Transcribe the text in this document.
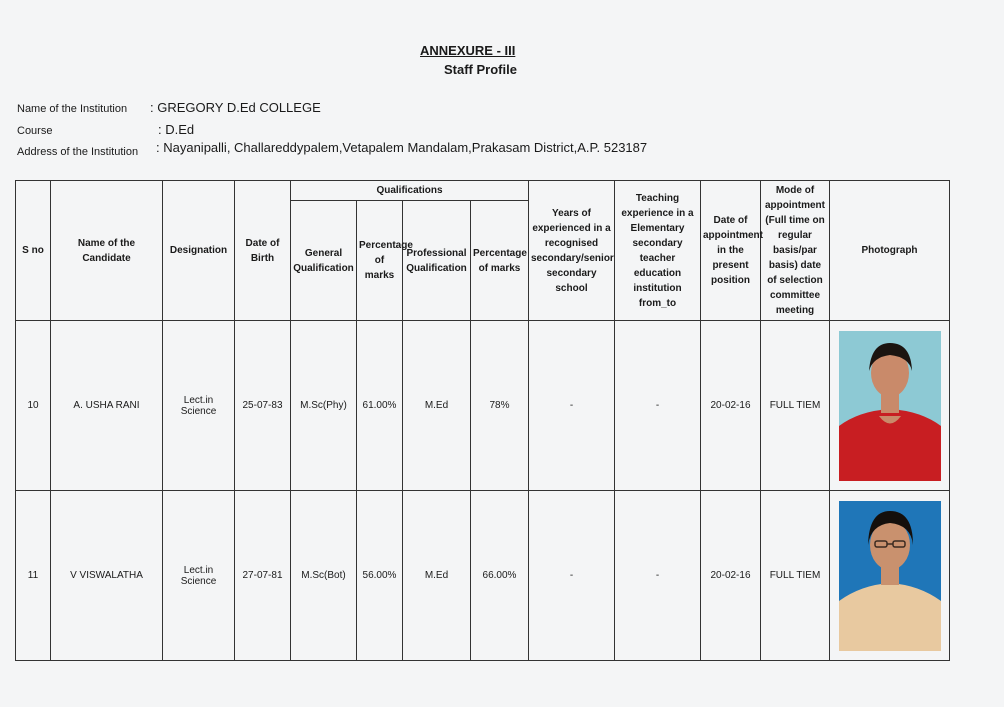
ANNEXURE - III
Staff Profile
Name of the Institution : GREGORY D.Ed COLLEGE
Course	: D.Ed
Address of the Institution : Nayanipalli, Challareddypalem,Vetapalem Mandalam,Prakasam District,A.P. 523187
S no	Name of the Candidate	Designation	Date of Birth	Qualifications				Years of experienced in a recognised secondary/senior secondary school	Teaching experience in a Elementary secondary teacher education institution from_to	Date of appointment in the present position	Mode of appointment (Full time on regular basis/par basis) date of selection committee meeting	Photograph
				General Qualification	Percentage of marks	Professional Qualification	Percentage of marks					
10	A. USHA RANI	Lect.in Science	25-07-83	M.Sc(Phy)	61.00%	M.Ed	78%	-	-	20-02-16	FULL TIEM	

11	V VISWALATHA	Lect.in Science	27-07-81	M.Sc(Bot)	56.00%	M.Ed	66.00%	-	-	20-02-16	FULL TIEM	
